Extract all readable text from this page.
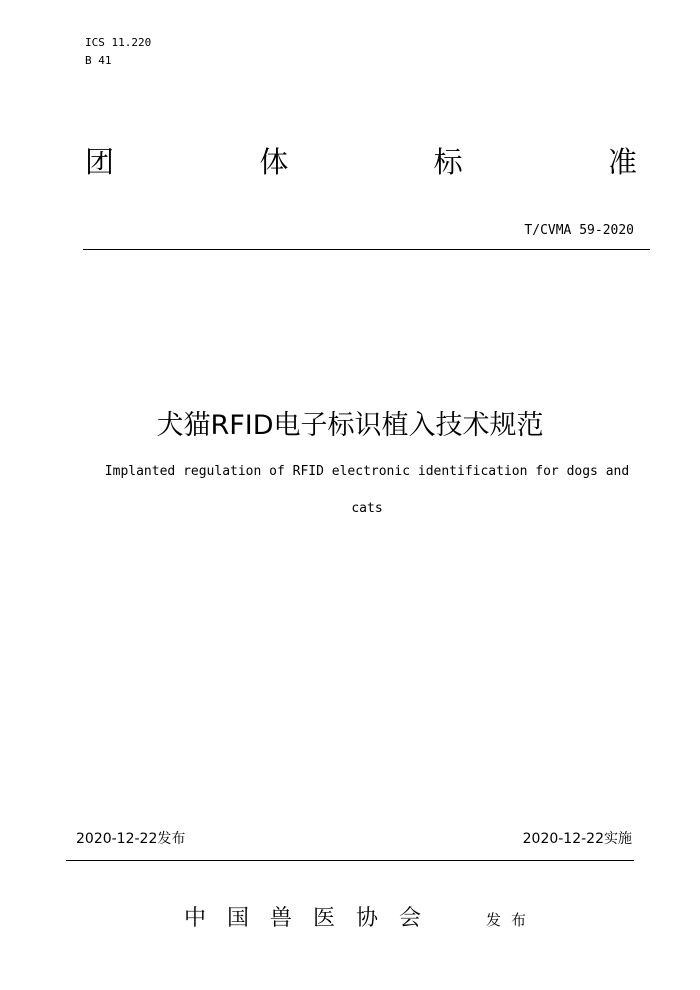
ICS 11.220
B 41
团	体	标	准
T/CVMA 59-2020
犬猫RFID电子标识植入技术规范
Implanted regulation of RFID electronic identification for dogs and
cats
2020-12-22发布	2020-12-22实施
中国兽医协会	发布
